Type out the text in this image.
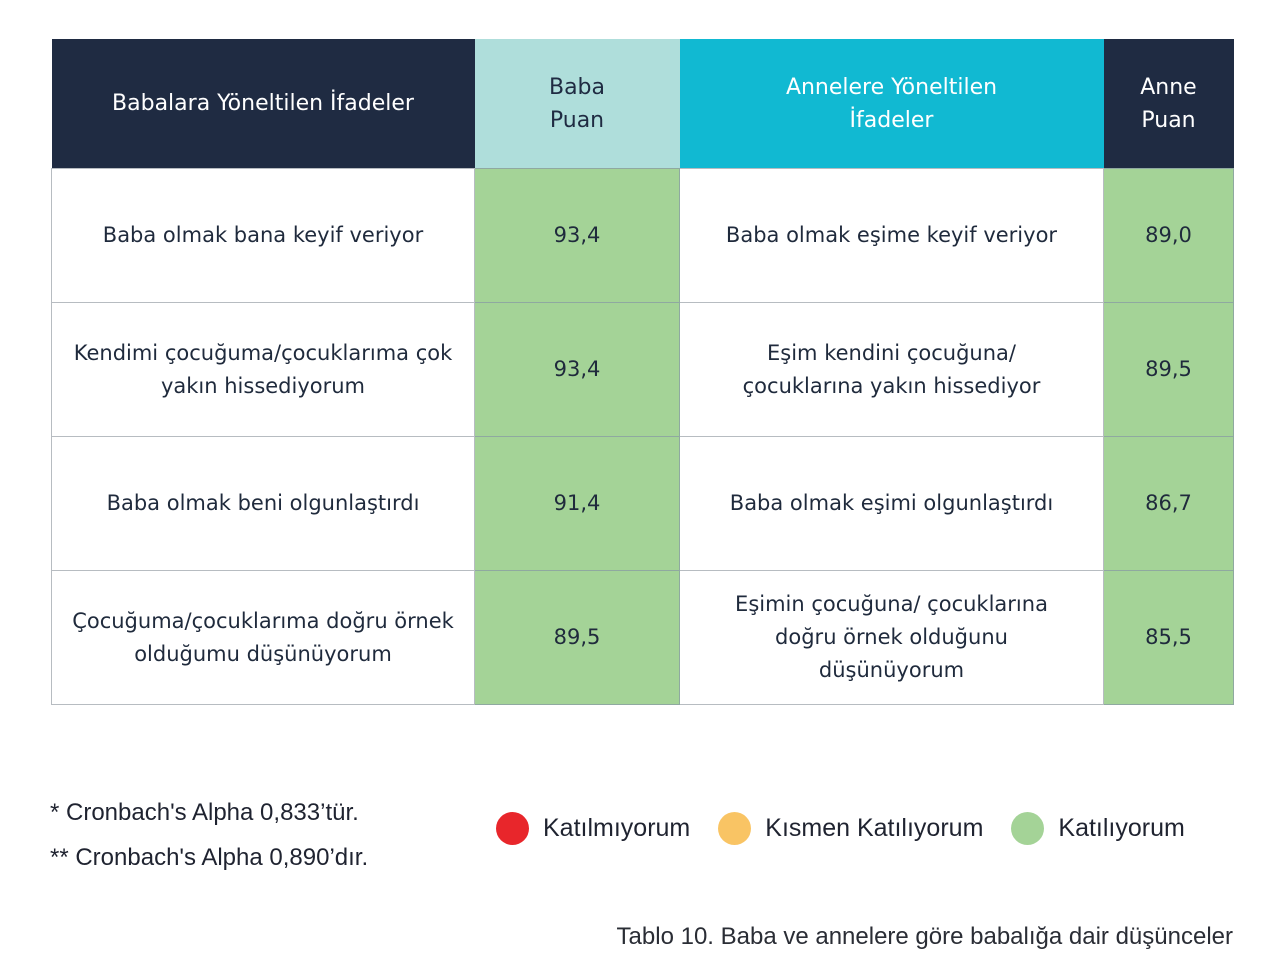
Babalara Yöneltilen İfadeler	Baba Puan	Annelere Yöneltilen İfadeler	Anne Puan
Baba olmak bana keyif veriyor	93,4	Baba olmak eşime keyif veriyor	89,0
Kendimi çocuğuma/çocuklarıma çok yakın hissediyorum	93,4	Eşim kendini çocuğuna/ çocuklarına yakın hissediyor	89,5
Baba olmak beni olgunlaştırdı	91,4	Baba olmak eşimi olgunlaştırdı	86,7
Çocuğuma/çocuklarıma doğru örnek olduğumu düşünüyorum	89,5	Eşimin çocuğuna/ çocuklarına doğru örnek olduğunu düşünüyorum	85,5
* Cronbach's Alpha 0,833’tür.
** Cronbach's Alpha 0,890’dır.
Katılmıyorum	Kısmen Katılıyorum	Katılıyorum
Tablo 10. Baba ve annelere göre babalığa dair düşünceler
